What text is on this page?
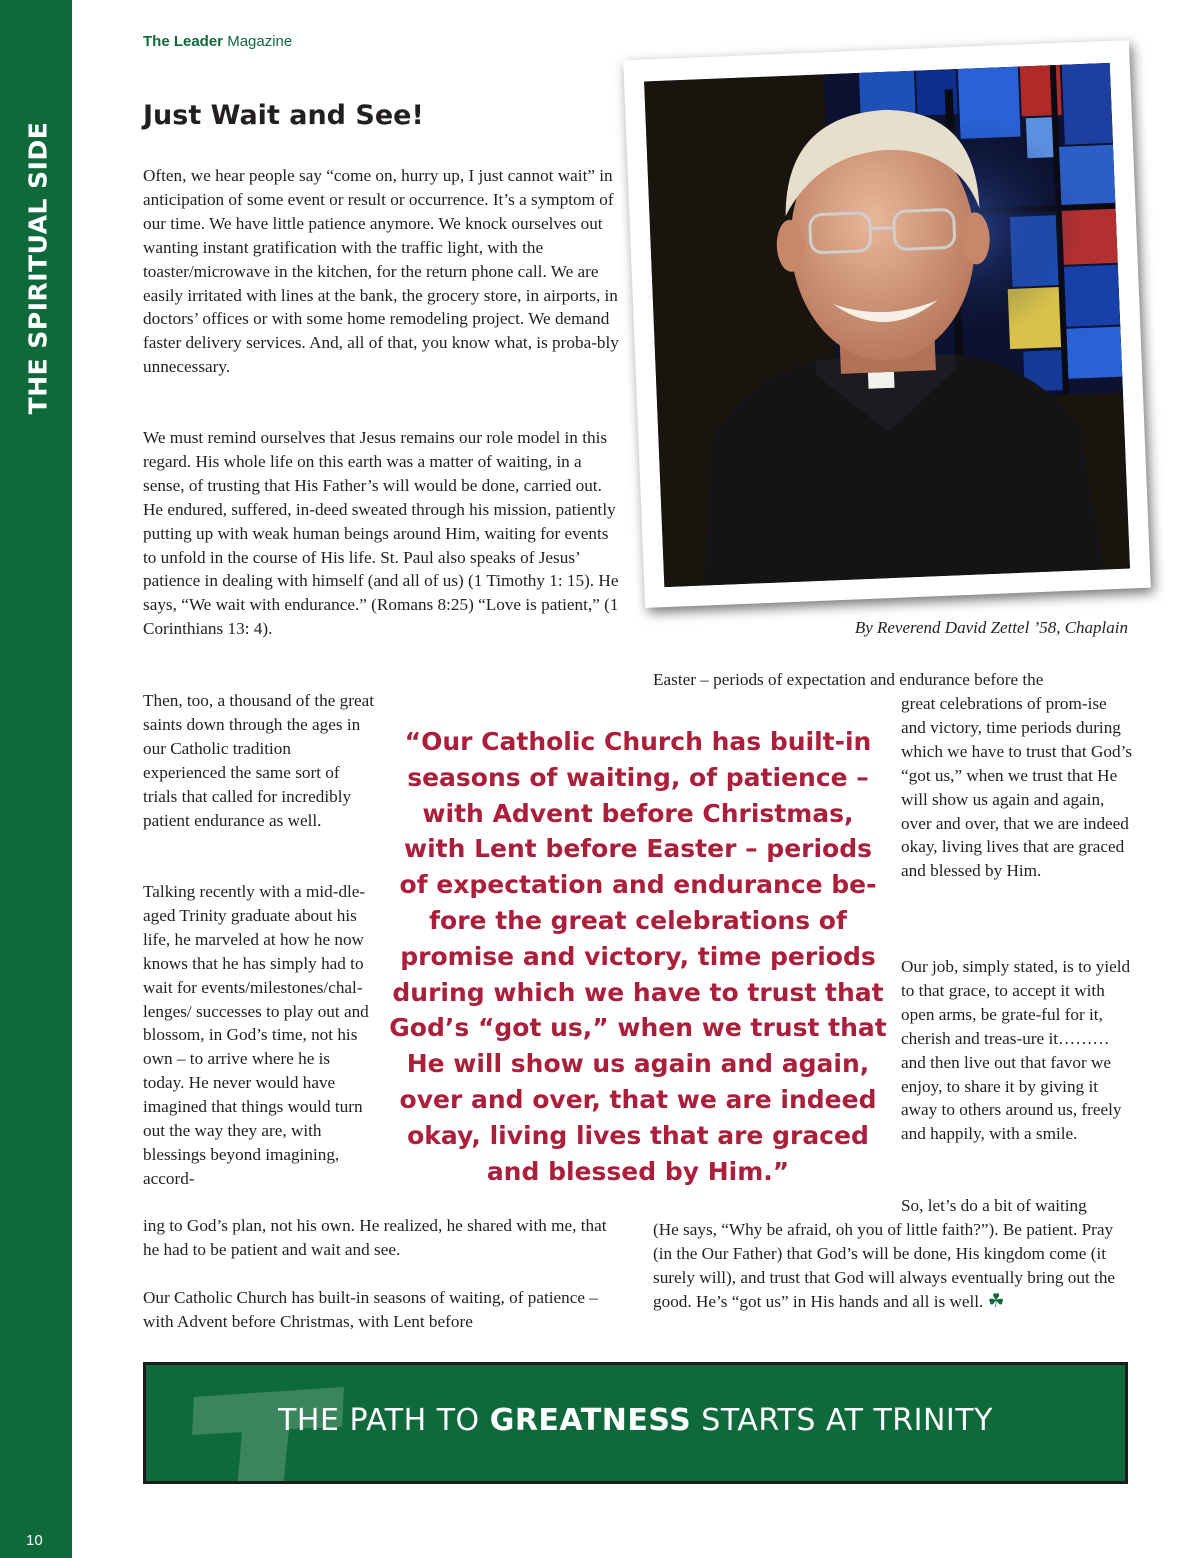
THE SPIRITUAL SIDE
10
The Leader Magazine
Just Wait and See!

Often, we hear people say “come on, hurry up, I just cannot wait” in anticipation of some event or result or occurrence. It’s a symptom of our time. We have little patience anymore. We knock ourselves out wanting instant gratification with the traffic light, with the toaster/microwave in the kitchen, for the return phone call. We are easily irritated with lines at the bank, the grocery store, in airports, in doctors’ offices or with some home remodeling project. We demand faster delivery services. And, all of that, you know what, is proba-bly unnecessary.

We must remind ourselves that Jesus remains our role model in this regard. His whole life on this earth was a matter of waiting, in a sense, of trusting that His Father’s will would be done, carried out. He endured, suffered, in-deed sweated through his mission, patiently putting up with weak human beings around Him, waiting for events to unfold in the course of His life. St. Paul also speaks of Jesus’ patience in dealing with himself (and all of us) (1 Timothy 1: 15). He says, “We wait with endurance.” (Romans 8:25) “Love is patient,” (1 Corinthians 13: 4).

Then, too, a thousand of the great saints down through the ages in our Catholic tradition experienced the same sort of trials that called for incredibly patient endurance as well.

Talking recently with a mid-dle-aged Trinity graduate about his life, he marveled at how he now knows that he has simply had to wait for events/milestones/chal-lenges/ successes to play out and blossom, in God’s time, not his own – to arrive where he is today. He never would have imagined that things would turn out the way they are, with blessings beyond imagining, accord-

ing to God’s plan, not his own. He realized, he shared with me, that he had to be patient and wait and see.

Our Catholic Church has built-in seasons of waiting, of patience – with Advent before Christmas, with Lent before

Easter – periods of expectation and endurance before the

great celebrations of prom-ise and victory, time periods during which we have to trust that God’s “got us,” when we trust that He will show us again and again, over and over, that we are indeed okay, living lives that are graced and blessed by Him.

Our job, simply stated, is to yield to that grace, to accept it with open arms, be grate-ful for it, cherish and treas-ure it………and then live out that favor we enjoy, to share it by giving it away to others around us, freely and happily, with a smile.

So, let’s do a bit of waiting

(He says, “Why be afraid, oh you of little faith?”). Be patient. Pray (in the Our Father) that God’s will be done, His kingdom come (it surely will), and trust that God will always eventually bring out the good. He’s “got us” in His hands and all is well. ☘

By Reverend David Zettel ’58, Chaplain

“Our Catholic Church has built-in seasons of waiting, of patience – with Advent before Christmas, with Lent before Easter – periods of expectation and endurance be-fore the great celebrations of promise and victory, time periods during which we have to trust that God’s “got us,” when we trust that He will show us again and again, over and over, that we are indeed okay, living lives that are graced and blessed by Him.”

THE PATH TO GREATNESS STARTS AT TRINITY
